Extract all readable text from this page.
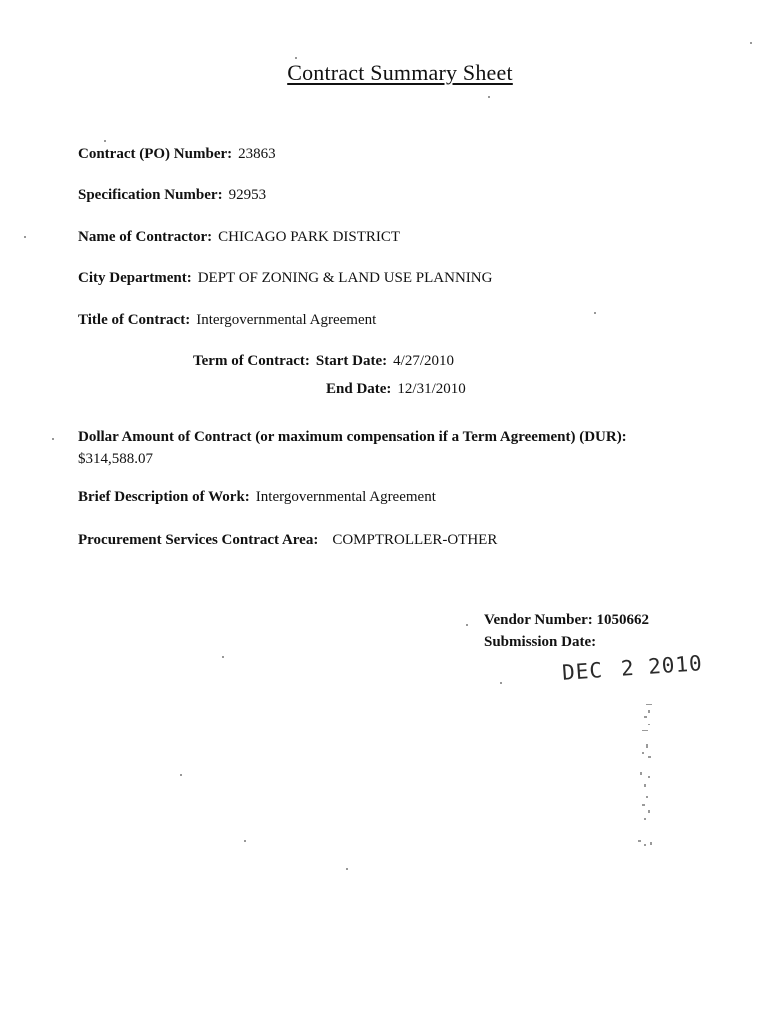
Contract Summary Sheet
Contract (PO) Number: 23863
Specification Number: 92953
Name of Contractor: CHICAGO PARK DISTRICT
City Department: DEPT OF ZONING & LAND USE PLANNING
Title of Contract: Intergovernmental Agreement
Term of Contract: Start Date: 4/27/2010
End Date: 12/31/2010
Dollar Amount of Contract (or maximum compensation if a Term Agreement) (DUR):
$314,588.07
Brief Description of Work: Intergovernmental Agreement
Procurement Services Contract Area: COMPTROLLER-OTHER
Vendor Number: 1050662
Submission Date:
DEC 2 2010
